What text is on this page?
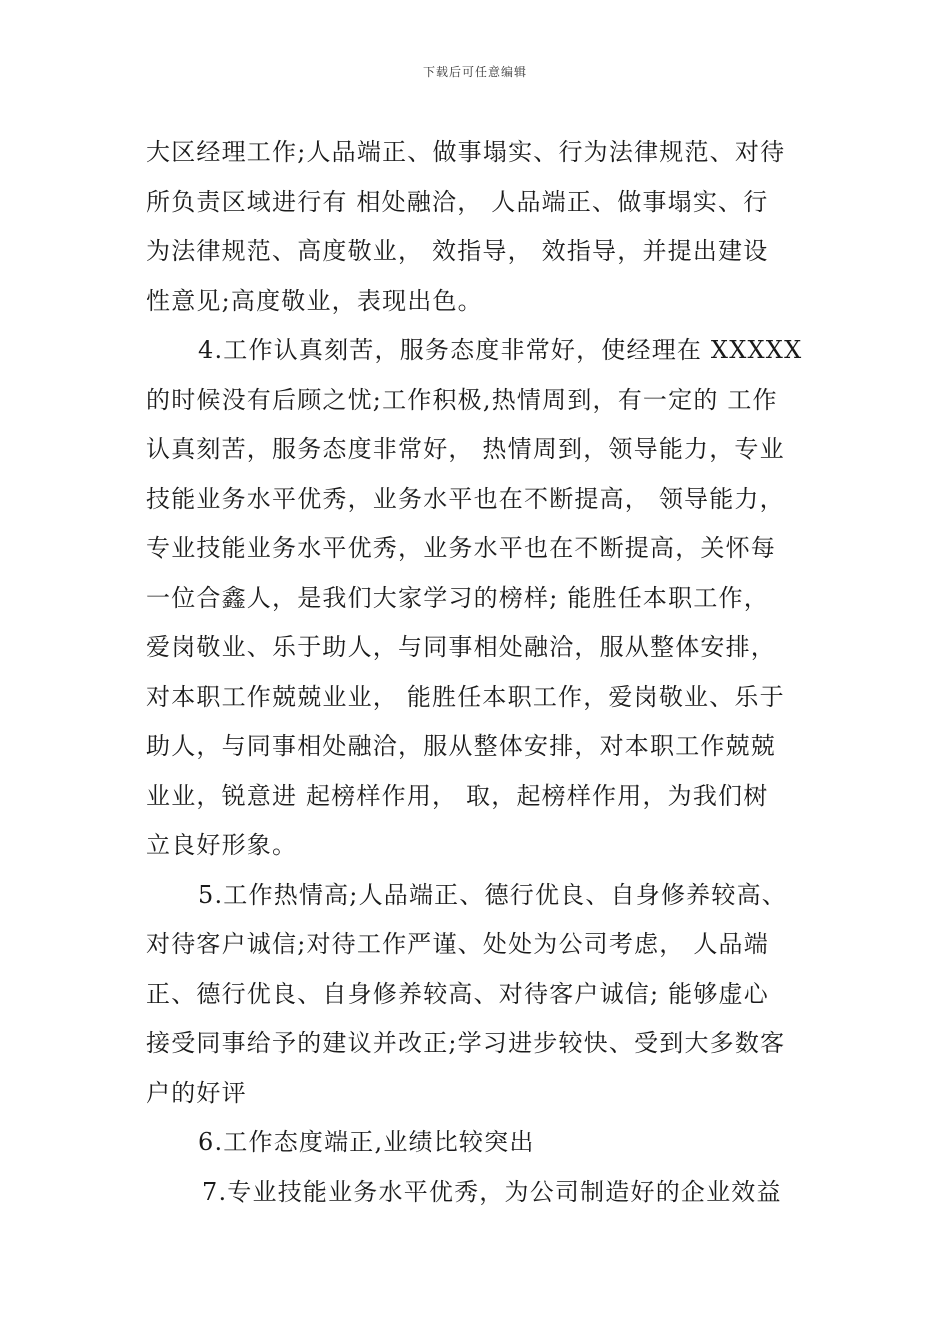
下载后可任意编辑
大区经理工作;人品端正、做事塌实、行为法律规范、对待
所负责区域进行有 相处融洽， 人品端正、做事塌实、行
为法律规范、高度敬业， 效指导， 效指导，并提出建设
性意见;高度敬业，表现出色。
4.工作认真刻苦，服务态度非常好，使经理在 XXXXX
的时候没有后顾之忧;工作积极,热情周到，有一定的 工作
认真刻苦，服务态度非常好， 热情周到，领导能力，专业
技能业务水平优秀，业务水平也在不断提高， 领导能力，
专业技能业务水平优秀，业务水平也在不断提高，关怀每
一位合鑫人，是我们大家学习的榜样; 能胜任本职工作，
爱岗敬业、乐于助人，与同事相处融洽，服从整体安排，
对本职工作兢兢业业， 能胜任本职工作，爱岗敬业、乐于
助人，与同事相处融洽，服从整体安排，对本职工作兢兢
业业，锐意进 起榜样作用， 取，起榜样作用，为我们树
立良好形象。
5.工作热情高;人品端正、德行优良、自身修养较高、
对待客户诚信;对待工作严谨、处处为公司考虑， 人品端
正、德行优良、自身修养较高、对待客户诚信; 能够虚心
接受同事给予的建议并改正;学习进步较快、受到大多数客
户的好评
6.工作态度端正,业绩比较突出
7.专业技能业务水平优秀，为公司制造好的企业效益
